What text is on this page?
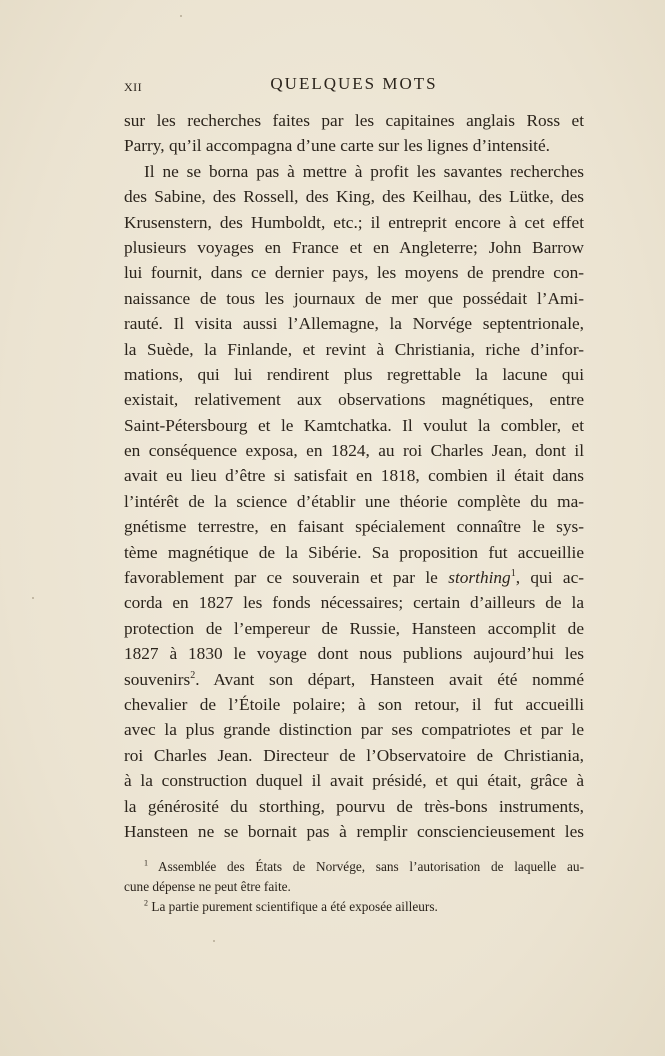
XII	QUELQUES MOTS
sur les recherches faites par les capitaines anglais Ross et
Parry, qu’il accompagna d’une carte sur les lignes d’intensité.
Il ne se borna pas à mettre à profit les savantes recherches
des Sabine, des Rossell, des King, des Keilhau, des Lütke, des
Krusenstern, des Humboldt, etc.; il entreprit encore à cet effet
plusieurs voyages en France et en Angleterre; John Barrow
lui fournit, dans ce dernier pays, les moyens de prendre con-
naissance de tous les journaux de mer que possédait l’Ami-
rauté. Il visita aussi l’Allemagne, la Norvége septentrionale,
la Suède, la Finlande, et revint à Christiania, riche d’infor-
mations, qui lui rendirent plus regrettable la lacune qui
existait, relativement aux observations magnétiques, entre
Saint-Pétersbourg et le Kamtchatka. Il voulut la combler, et
en conséquence exposa, en 1824, au roi Charles Jean, dont il
avait eu lieu d’être si satisfait en 1818, combien il était dans
l’intérêt de la science d’établir une théorie complète du ma-
gnétisme terrestre, en faisant spécialement connaître le sys-
tème magnétique de la Sibérie. Sa proposition fut accueillie
favorablement par ce souverain et par le storthing$^1$, qui ac-
corda en 1827 les fonds nécessaires; certain d’ailleurs de la
protection de l’empereur de Russie, Hansteen accomplit de
1827 à 1830 le voyage dont nous publions aujourd’hui les
souvenirs$^2$. Avant son départ, Hansteen avait été nommé
chevalier de l’Étoile polaire; à son retour, il fut accueilli
avec la plus grande distinction par ses compatriotes et par le
roi Charles Jean. Directeur de l’Observatoire de Christiania,
à la construction duquel il avait présidé, et qui était, grâce à
la générosité du storthing, pourvu de très-bons instruments,
Hansteen ne se bornait pas à remplir consciencieusement les
$^1$ Assemblée des États de Norvége, sans l’autorisation de laquelle au-
cune dépense ne peut être faite.
$^2$ La partie purement scientifique a été exposée ailleurs.
